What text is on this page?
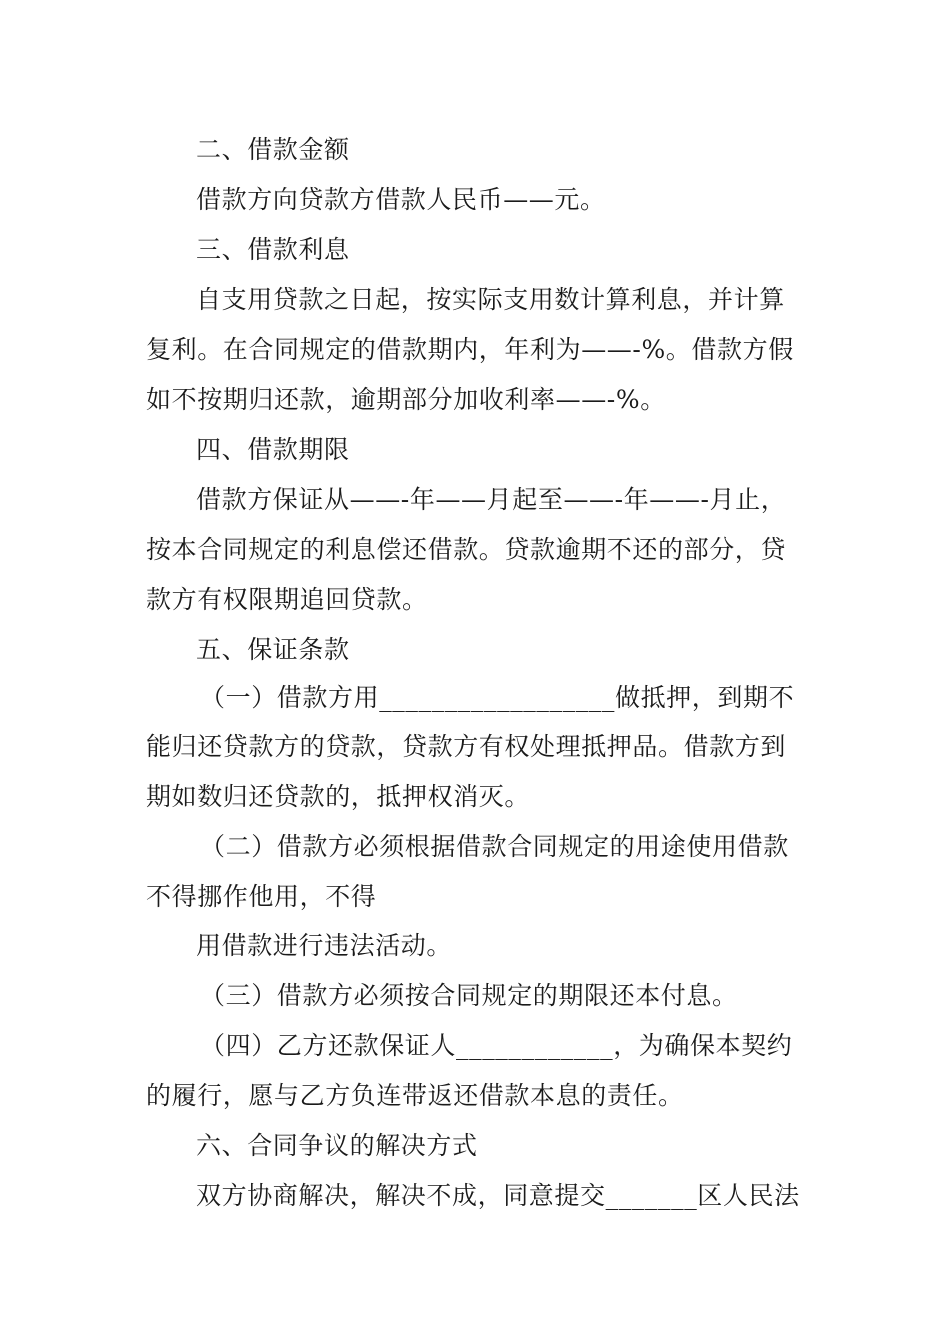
二、借款金额
借款方向贷款方借款人民币——元。
三、借款利息
自支用贷款之日起，按实际支用数计算利息，并计算
复利。在合同规定的借款期内，年利为——-%。借款方假
如不按期归还款，逾期部分加收利率——-%。
四、借款期限
借款方保证从——-年——月起至——-年——-月止，
按本合同规定的利息偿还借款。贷款逾期不还的部分，贷
款方有权限期追回贷款。
五、保证条款
（一）借款方用__________________做抵押，到期不
能归还贷款方的贷款，贷款方有权处理抵押品。借款方到
期如数归还贷款的，抵押权消灭。
（二）借款方必须根据借款合同规定的用途使用借款
不得挪作他用，不得
用借款进行违法活动。
（三）借款方必须按合同规定的期限还本付息。
（四）乙方还款保证人____________，为确保本契约
的履行，愿与乙方负连带返还借款本息的责任。
六、合同争议的解决方式
双方协商解决，解决不成，同意提交_______区人民法
